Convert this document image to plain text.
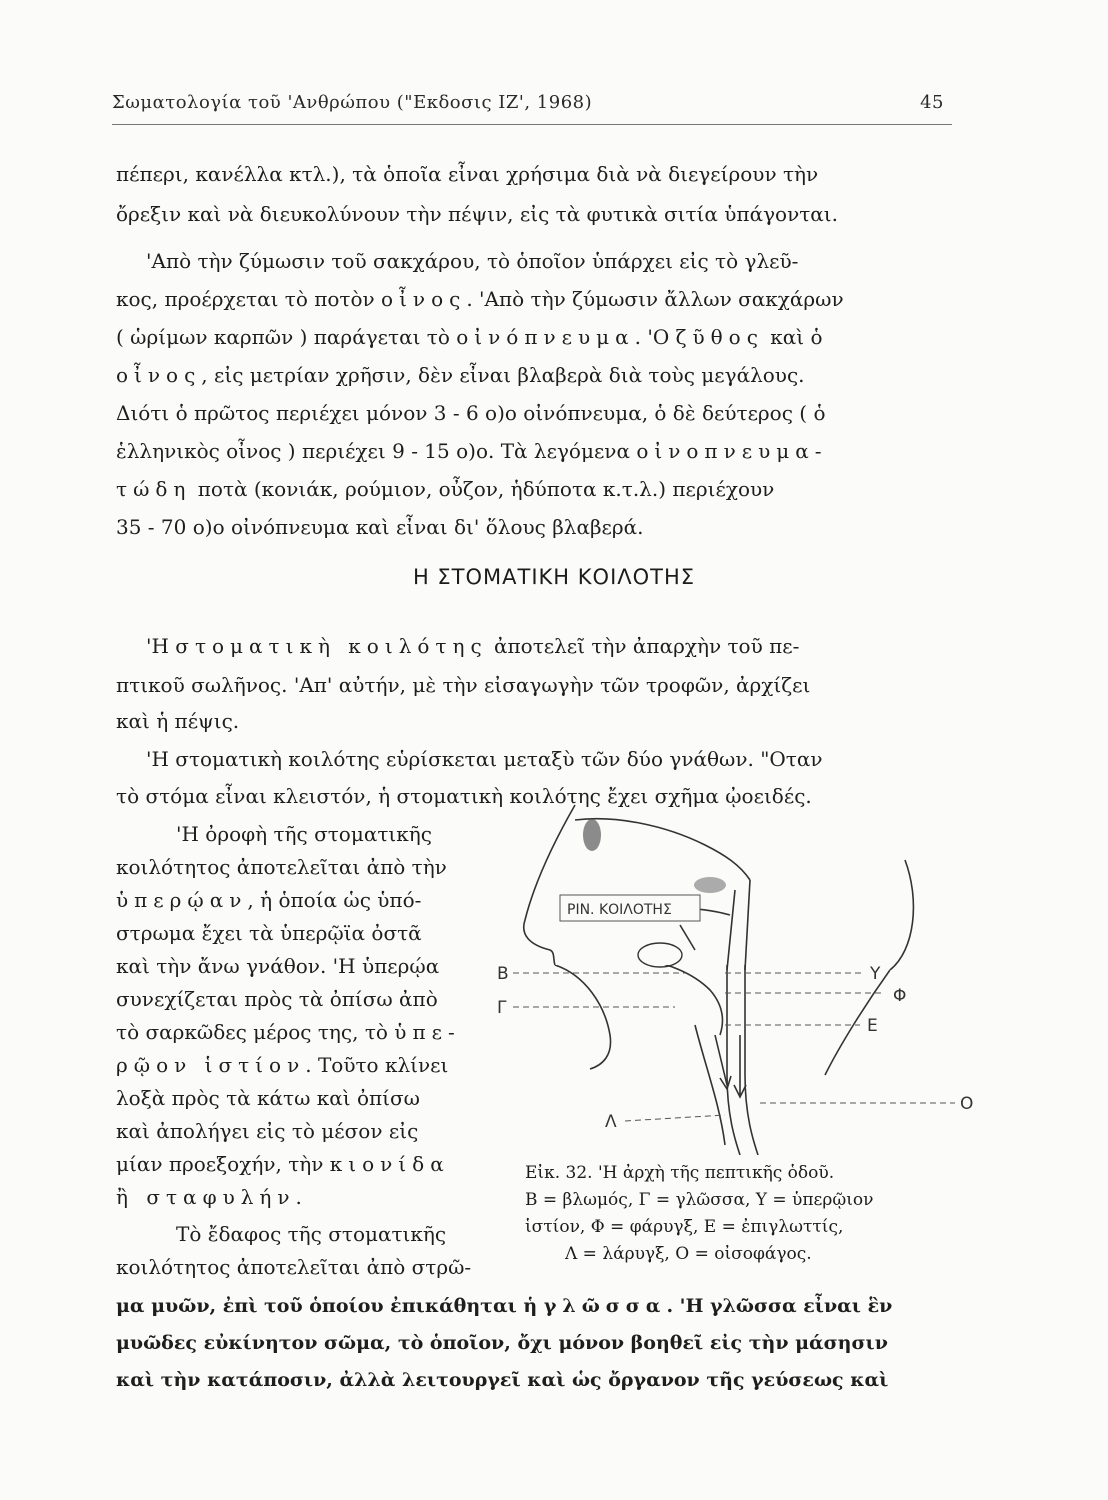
Σωματολογία τοῦ 'Ανθρώπου ("Εκδοσις ΙΖ', 1968)	45
πέπερι, κανέλλα κτλ.), τὰ ὁποῖα εἶναι χρήσιμα διὰ νὰ διεγείρουν τὴν
ὄρεξιν καὶ νὰ διευκολύνουν τὴν πέψιν, εἰς τὰ φυτικὰ σιτία ὑπάγονται.
'Απὸ τὴν ζύμωσιν τοῦ σακχάρου, τὸ ὁποῖον ὑπάρχει εἰς τὸ γλεῦ-
κος, προέρχεται τὸ ποτὸν οἶνος. 'Απὸ τὴν ζύμωσιν ἄλλων σακχάρων
( ὡρίμων καρπῶν ) παράγεται τὸ οἰνόπνευμα. 'Ο ζῦθος καὶ ὁ
οἶνος, εἰς μετρίαν χρῆσιν, δὲν εἶναι βλαβερὰ διὰ τοὺς μεγάλους.
Διότι ὁ πρῶτος περιέχει μόνον 3 - 6 ο)ο οἰνόπνευμα, ὁ δὲ δεύτερος ( ὁ
ἑλληνικὸς οἶνος ) περιέχει 9 - 15 ο)ο. Τὰ λεγόμενα οἰνοπνευμα-
τώδη ποτὰ (κονιάκ, ρούμιον, οὖζον, ἡδύποτα κ.τ.λ.) περιέχουν
35 - 70 ο)ο οἰνόπνευμα καὶ εἶναι δι' ὅλους βλαβερά.
Η ΣΤΟΜΑΤΙΚΗ ΚΟΙΛΟΤΗΣ
'Η στοματικὴ κοιλότης ἀποτελεῖ τὴν ἀπαρχὴν τοῦ πε-
πτικοῦ σωλῆνος. 'Απ' αὐτήν, μὲ τὴν εἰσαγωγὴν τῶν τροφῶν, ἀρχίζει
καὶ ἡ πέψις.
'Η στοματικὴ κοιλότης εὑρίσκεται μεταξὺ τῶν δύο γνάθων. "Οταν
τὸ στόμα εἶναι κλειστόν, ἡ στοματικὴ κοιλότης ἔχει σχῆμα ᾠοειδές.
'Η ὀροφὴ τῆς στοματικῆς
κοιλότητος ἀποτελεῖται ἀπὸ τὴν
ὑπερῴαν, ἡ ὁποία ὡς ὑπό-
στρωμα ἔχει τὰ ὑπερῷϊα ὀστᾶ
καὶ τὴν ἄνω γνάθον. 'Η ὑπερῴα
συνεχίζεται πρὸς τὰ ὀπίσω ἀπὸ
τὸ σαρκῶδες μέρος της, τὸ ὑπε-
ρῷον ἱστίον. Τοῦτο κλίνει
λοξὰ πρὸς τὰ κάτω καὶ ὀπίσω
καὶ ἀπολήγει εἰς τὸ μέσον εἰς
μίαν προεξοχήν, τὴν κιονίδα
ἢ σταφυλήν.
Τὸ ἔδαφος τῆς στοματικῆς
κοιλότητος ἀποτελεῖται ἀπὸ στρῶ-
μα μυῶν, ἐπὶ τοῦ ὁποίου ἐπικάθηται ἡ γλῶσσα. 'Η γλῶσσα εἶναι ἓν
μυῶδες εὐκίνητον σῶμα, τὸ ὁποῖον, ὄχι μόνον βοηθεῖ εἰς τὴν μάσησιν
καὶ τὴν κατάποσιν, ἀλλὰ λειτουργεῖ καὶ ὡς ὄργανον τῆς γεύσεως καὶ
ΡΙΝ. ΚΟΙΛΟΤΗΣ
Β
Γ
Υ
Φ
Ε
Ο
Λ
Εἰκ. 32. 'Η ἀρχὴ τῆς πεπτικῆς ὁδοῦ.
Β = βλωμός, Γ = γλῶσσα, Υ = ὑπερῷιον
ἱστίον, Φ = φάρυγξ, Ε = ἐπιγλωττίς,
Λ = λάρυγξ, Ο = οἰσοφάγος.
